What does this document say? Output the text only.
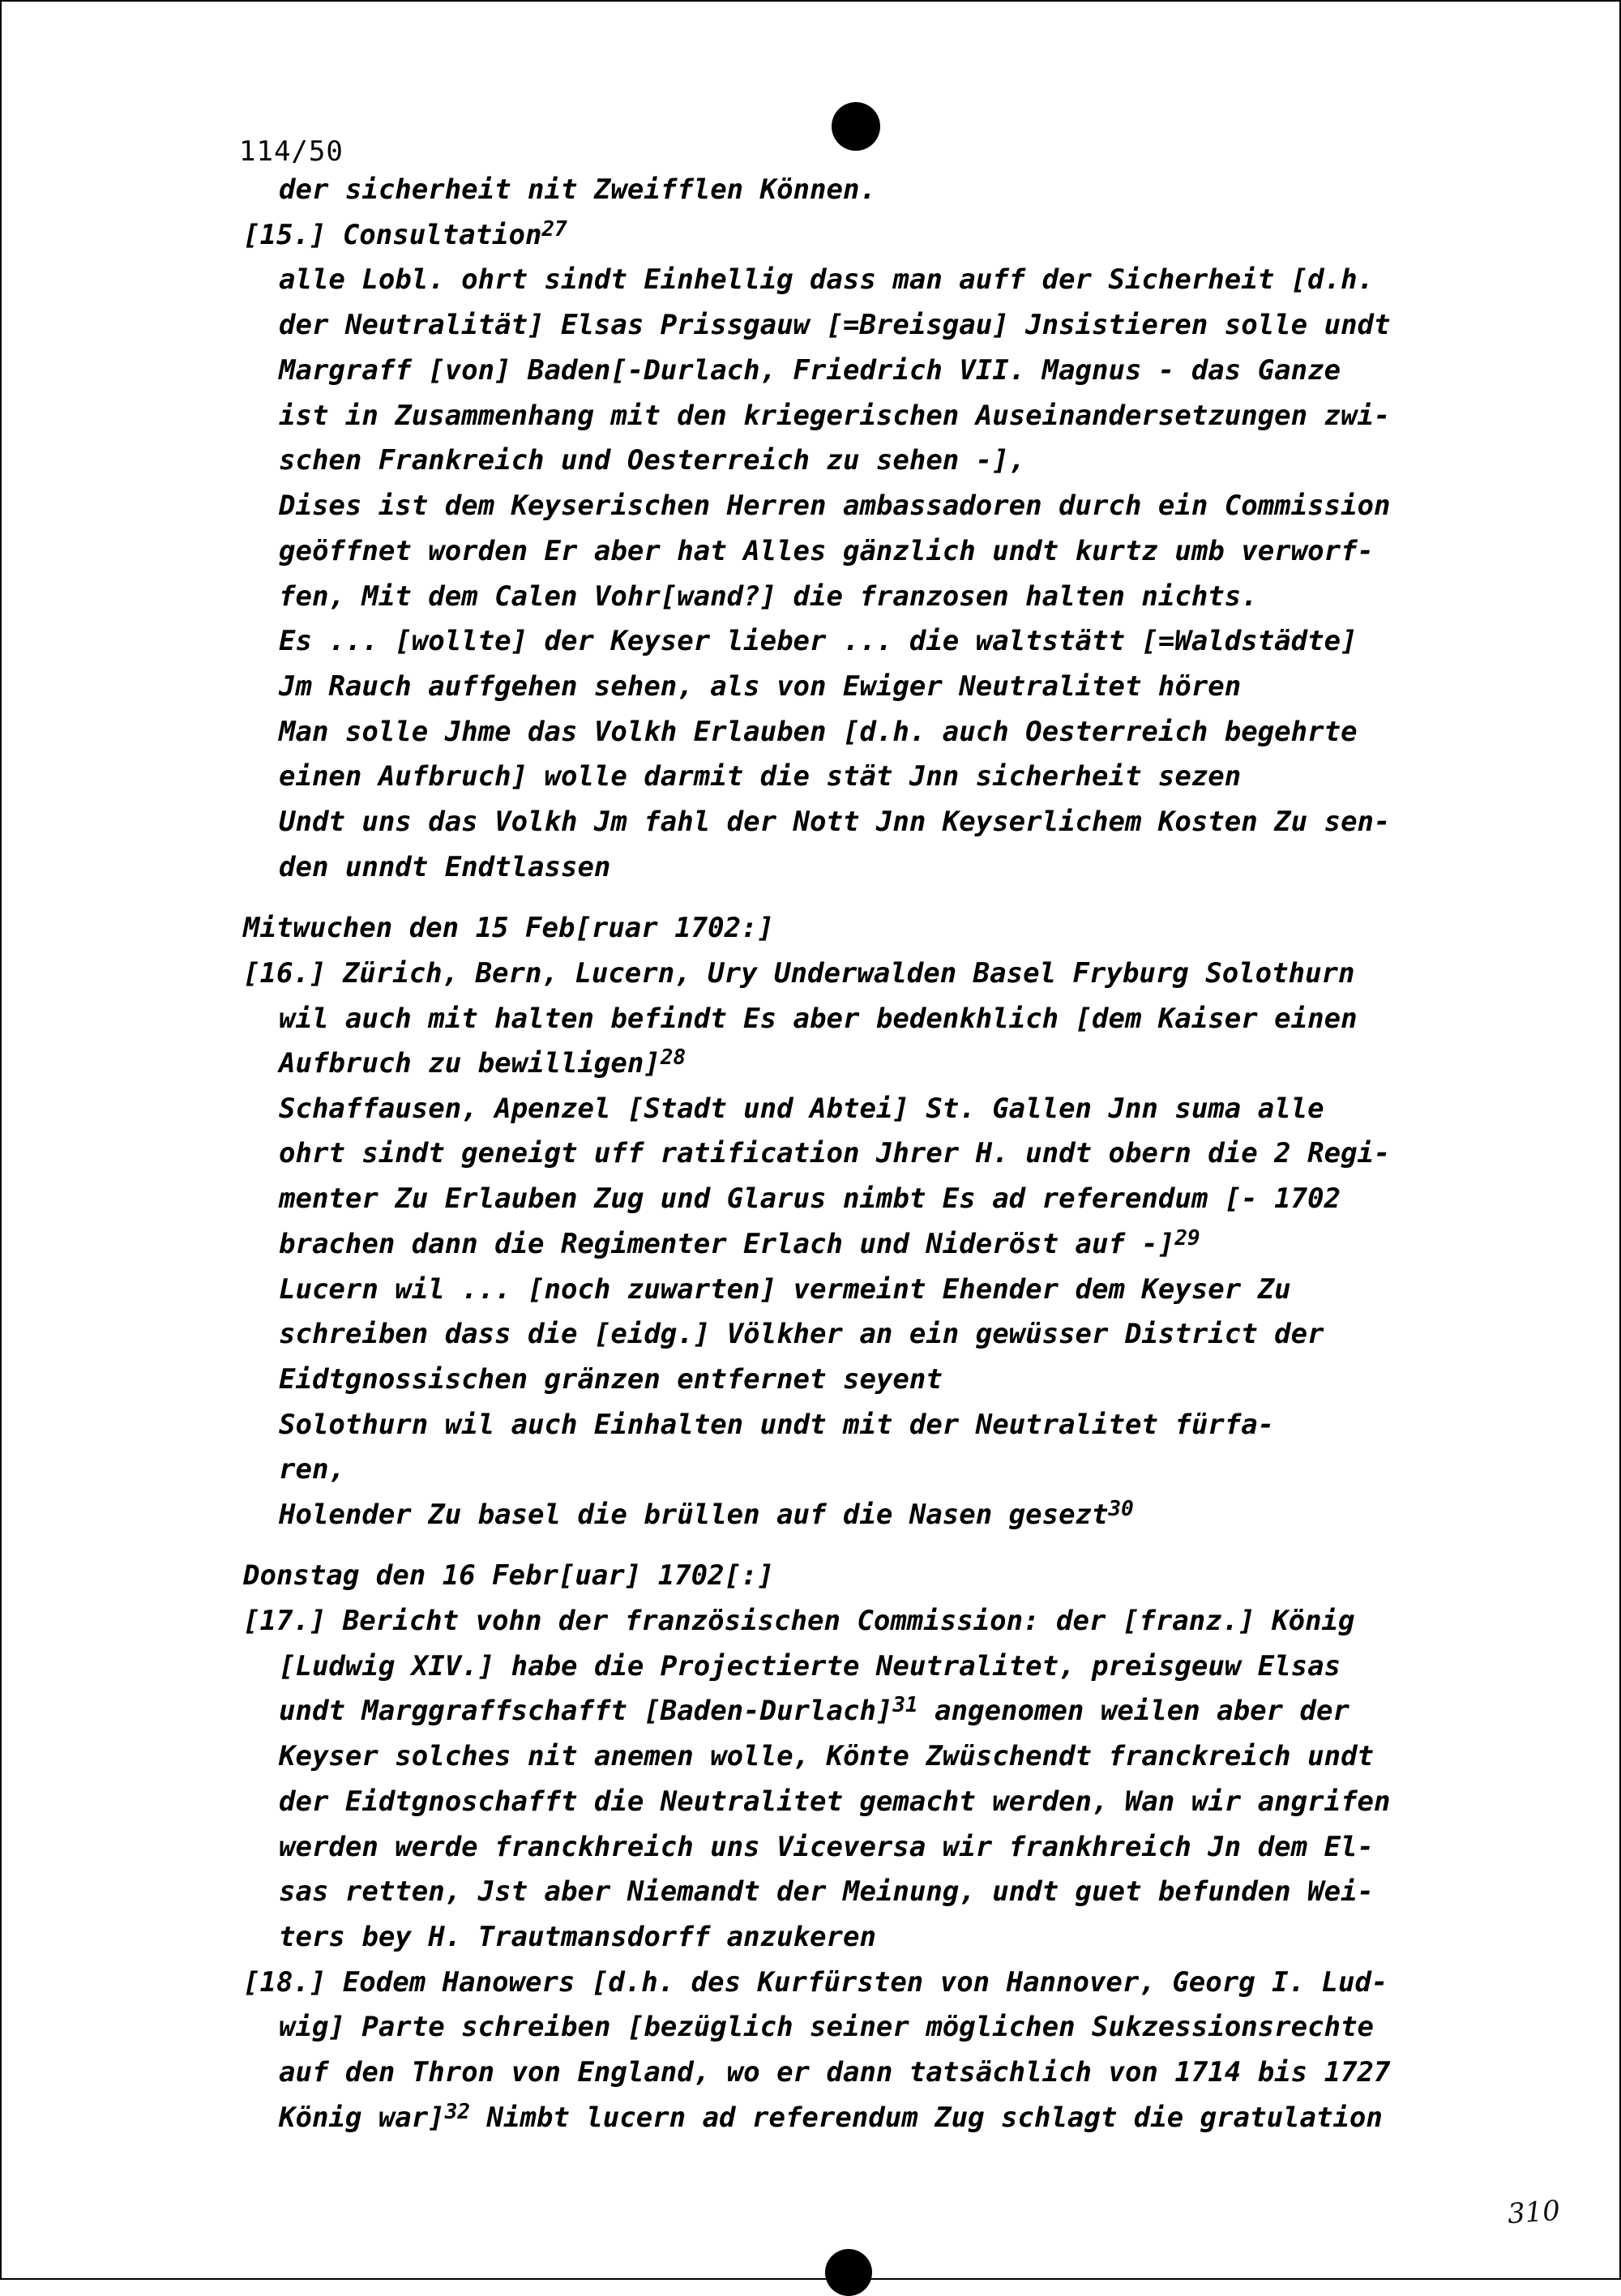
114/50
der sicherheit nit Zweifflen Können.
[15.] Consultation$^{27}$
alle Lobl. ohrt sindt Einhellig dass man auff der Sicherheit [d.h.
der Neutralität] Elsas Prissgauw [=Breisgau] Jnsistieren solle undt
Margraff [von] Baden[-Durlach, Friedrich VII. Magnus - das Ganze
ist in Zusammenhang mit den kriegerischen Auseinandersetzungen zwi-
schen Frankreich und Oesterreich zu sehen -],
Dises ist dem Keyserischen Herren ambassadoren durch ein Commission
geöffnet worden Er aber hat Alles gänzlich undt kurtz umb verworf-
fen, Mit dem Calen Vohr[wand?] die franzosen halten nichts.
Es ... [wollte] der Keyser lieber ... die waltstätt [=Waldstädte]
Jm Rauch auffgehen sehen, als von Ewiger Neutralitet hören
Man solle Jhme das Volkh Erlauben [d.h. auch Oesterreich begehrte
einen Aufbruch] wolle darmit die stät Jnn sicherheit sezen
Undt uns das Volkh Jm fahl der Nott Jnn Keyserlichem Kosten Zu sen-
den unndt Endtlassen
Mitwuchen den 15 Feb[ruar 1702:]
[16.] Zürich, Bern, Lucern, Ury Underwalden Basel Fryburg Solothurn
wil auch mit halten befindt Es aber bedenkhlich [dem Kaiser einen
Aufbruch zu bewilligen]$^{28}$
Schaffausen, Apenzel [Stadt und Abtei] St. Gallen Jnn suma alle
ohrt sindt geneigt uff ratification Jhrer H. undt obern die 2 Regi-
menter Zu Erlauben Zug und Glarus nimbt Es ad referendum [- 1702
brachen dann die Regimenter Erlach und Nideröst auf -]$^{29}$
Lucern wil ... [noch zuwarten] vermeint Ehender dem Keyser Zu
schreiben dass die [eidg.] Völkher an ein gewüsser District der
Eidtgnossischen gränzen entfernet seyent
Solothurn wil auch Einhalten undt mit der Neutralitet fürfa-
ren,
Holender Zu basel die brüllen auf die Nasen gesezt$^{30}$
Donstag den 16 Febr[uar] 1702[:]
[17.] Bericht vohn der französischen Commission: der [franz.] König
[Ludwig XIV.] habe die Projectierte Neutralitet, preisgeuw Elsas
undt Marggraffschafft [Baden-Durlach]$^{31}$ angenomen weilen aber der
Keyser solches nit anemen wolle, Könte Zwüschendt franckreich undt
der Eidtgnoschafft die Neutralitet gemacht werden, Wan wir angrifen
werden werde franckhreich uns Viceversa wir frankhreich Jn dem El-
sas retten, Jst aber Niemandt der Meinung, undt guet befunden Wei-
ters bey H. Trautmansdorff anzukeren
[18.] Eodem Hanowers [d.h. des Kurfürsten von Hannover, Georg I. Lud-
wig] Parte schreiben [bezüglich seiner möglichen Sukzessionsrechte
auf den Thron von England, wo er dann tatsächlich von 1714 bis 1727
König war]$^{32}$ Nimbt lucern ad referendum Zug schlagt die gratulation
310
